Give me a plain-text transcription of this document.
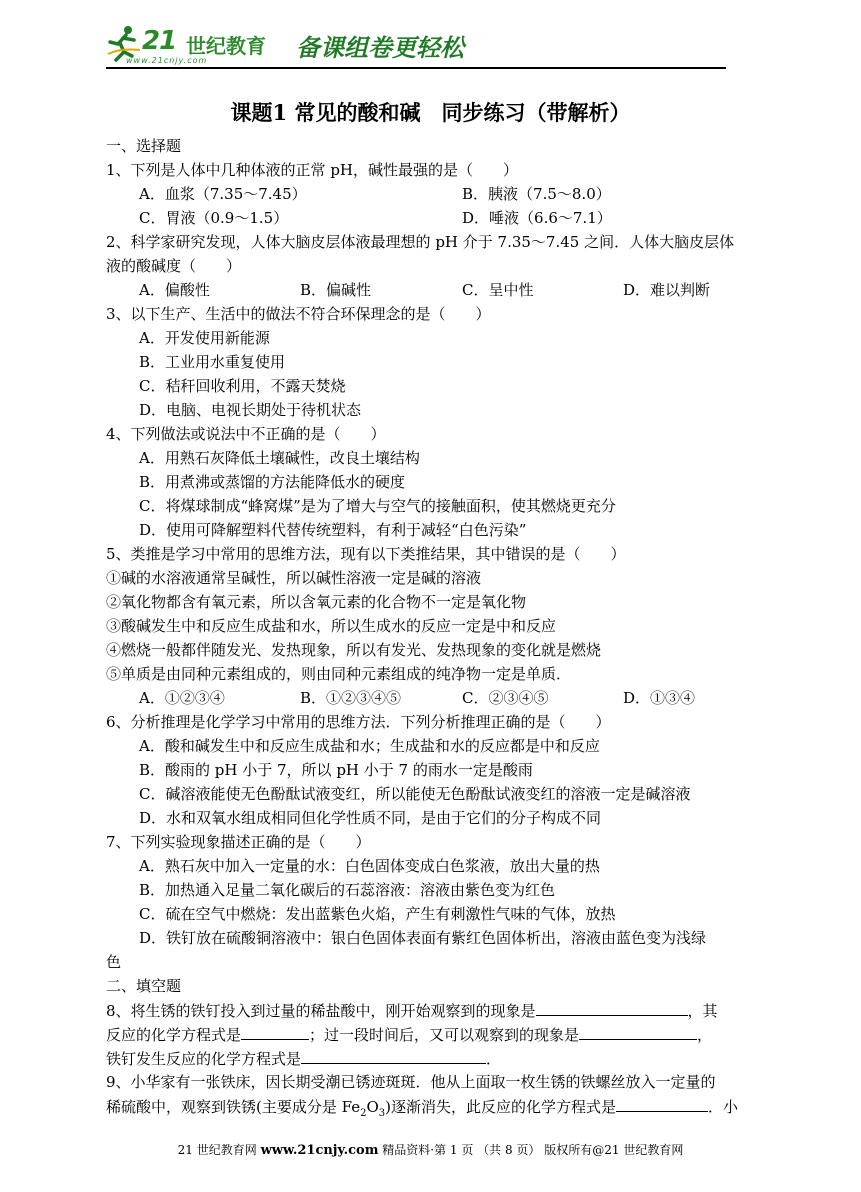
21 世纪教育
www.21cnjy.com	备课组卷更轻松
课题1 常见的酸和碱　同步练习（带解析）
一、选择题
1、下列是人体中几种体液的正常 pH，碱性最强的是（　　）
A．血浆（7.35～7.45）	B．胰液（7.5～8.0）
C．胃液（0.9～1.5）	D．唾液（6.6～7.1）
2、科学家研究发现，人体大脑皮层体液最理想的 pH 介于 7.35～7.45 之间．人体大脑皮层体
液的酸碱度（　　）
A．偏酸性	B．偏碱性	C．呈中性	D．难以判断
3、以下生产、生活中的做法不符合环保理念的是（　　）
A．开发使用新能源
B．工业用水重复使用
C．秸秆回收利用，不露天焚烧
D．电脑、电视长期处于待机状态
4、下列做法或说法中不正确的是（　　）
A．用熟石灰降低土壤碱性，改良土壤结构
B．用煮沸或蒸馏的方法能降低水的硬度
C．将煤球制成“蜂窝煤”是为了增大与空气的接触面积，使其燃烧更充分
D．使用可降解塑料代替传统塑料，有利于减轻“白色污染”
5、类推是学习中常用的思维方法，现有以下类推结果，其中错误的是（　　）
①碱的水溶液通常呈碱性，所以碱性溶液一定是碱的溶液
②氧化物都含有氧元素，所以含氧元素的化合物不一定是氧化物
③酸碱发生中和反应生成盐和水，所以生成水的反应一定是中和反应
④燃烧一般都伴随发光、发热现象，所以有发光、发热现象的变化就是燃烧
⑤单质是由同种元素组成的，则由同种元素组成的纯净物一定是单质．
A．①②③④	B．①②③④⑤	C．②③④⑤	D．①③④
6、分析推理是化学学习中常用的思维方法．下列分析推理正确的是（　　）
A．酸和碱发生中和反应生成盐和水；生成盐和水的反应都是中和反应
B．酸雨的 pH 小于 7，所以 pH 小于 7 的雨水一定是酸雨
C．碱溶液能使无色酚酞试液变红，所以能使无色酚酞试液变红的溶液一定是碱溶液
D．水和双氧水组成相同但化学性质不同，是由于它们的分子构成不同
7、下列实验现象描述正确的是（　　）
A．熟石灰中加入一定量的水：白色固体变成白色浆液，放出大量的热
B．加热通入足量二氧化碳后的石蕊溶液：溶液由紫色变为红色
C．硫在空气中燃烧：发出蓝紫色火焰，产生有刺激性气味的气体，放热
D．铁钉放在硫酸铜溶液中：银白色固体表面有紫红色固体析出，溶液由蓝色变为浅绿
色
二、填空题
8、将生锈的铁钉投入到过量的稀盐酸中，刚开始观察到的现象是	，其
反应的化学方程式是	；过一段时间后，又可以观察到的现象是	，
铁钉发生反应的化学方程式是	．
9、小华家有一张铁床，因长期受潮已锈迹斑斑．他从上面取一枚生锈的铁螺丝放入一定量的
稀硫酸中，观察到铁锈(主要成分是 $Fe_2O_3$)逐渐消失，此反应的化学方程式是	．小
21 世纪教育网 www.21cnjy.com 精品资料·第 1 页 （共 8 页） 版权所有@21 世纪教育网
